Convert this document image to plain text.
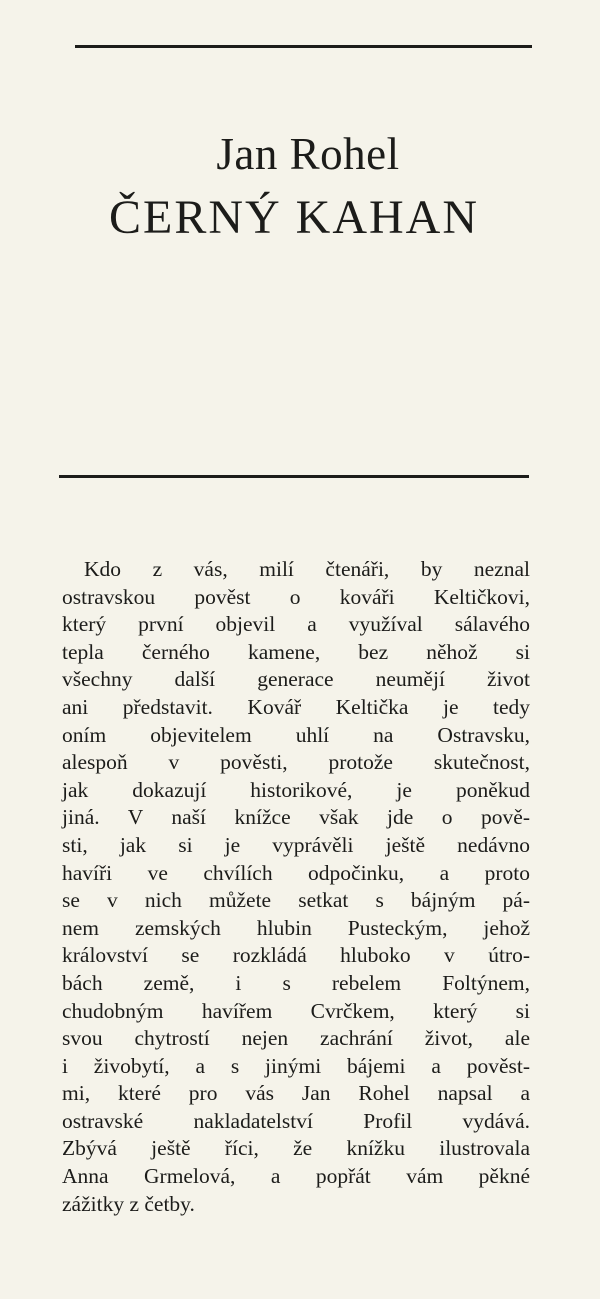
Jan Rohel
ČERNÝ KAHAN
Kdo z vás, milí čtenáři, by neznal
ostravskou pověst o kováři Keltičkovi,
který první objevil a využíval sálavého
tepla černého kamene, bez něhož si
všechny další generace neumějí život
ani představit. Kovář Keltička je tedy
oním objevitelem uhlí na Ostravsku,
alespoň v pověsti, protože skutečnost,
jak dokazují historikové, je poněkud
jiná. V naší knížce však jde o pově-
sti, jak si je vyprávěli ještě nedávno
havíři ve chvílích odpočinku, a proto
se v nich můžete setkat s bájným pá-
nem zemských hlubin Pusteckým, jehož
království se rozkládá hluboko v útro-
bách země, i s rebelem Foltýnem,
chudobným havířem Cvrčkem, který si
svou chytrostí nejen zachrání život, ale
i živobytí, a s jinými bájemi a pověst-
mi, které pro vás Jan Rohel napsal a
ostravské nakladatelství Profil vydává.
Zbývá ještě říci, že knížku ilustrovala
Anna Grmelová, a popřát vám pěkné
zážitky z četby.
